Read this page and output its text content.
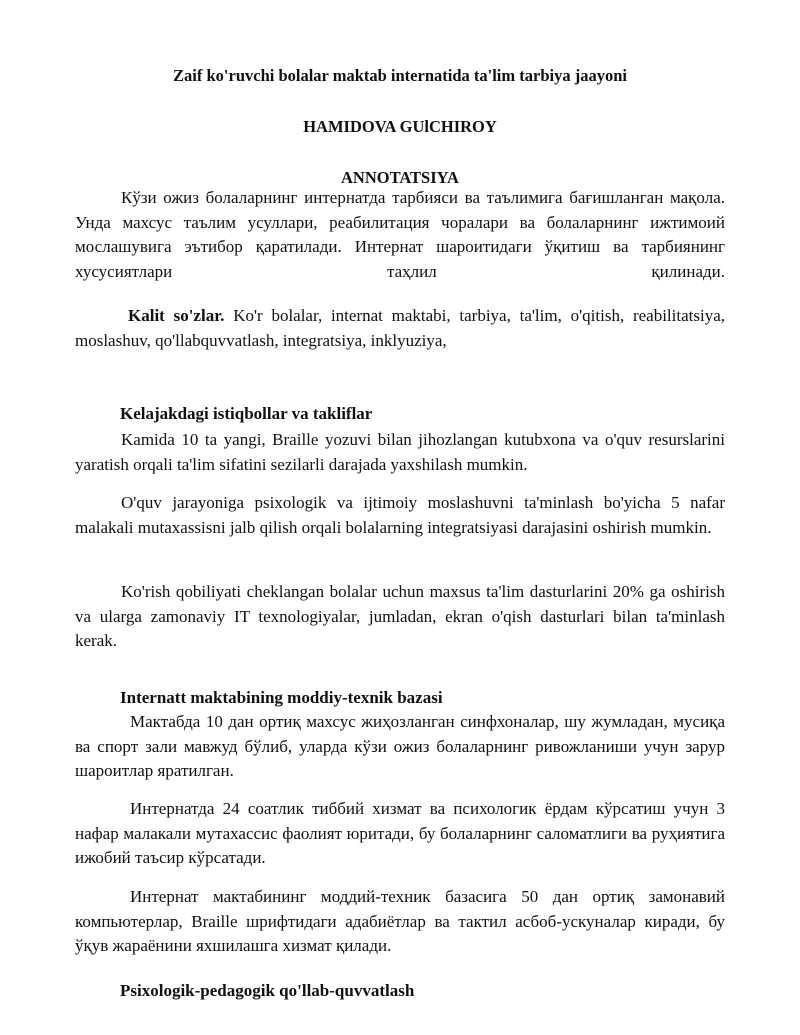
Zaif ko'ruvchi bolalar maktab internatida ta'lim tarbiya jaayoni

HAMIDOVA GUlCHIROY

ANNOTATSIYA

Кўзи ожиз болаларнинг интернатда тарбияси ва таълимига бағишланган мақола. Унда махсус таълим усуллари, реабилитация чоралари ва болаларнинг ижтимоий мослашувига эътибор қаратилади. Интернат шароитидаги ўқитиш ва тарбиянинг хусусиятлари таҳлил қилинади.

Kalit so'zlar. Ko'r bolalar, internat maktabi, tarbiya, ta'lim, o'qitish, reabilitatsiya, moslashuv, qo'llabquvvatlash, integratsiya, inklyuziya,

Kelajakdagi istiqbollar va takliflar

Kamida 10 ta yangi, Braille yozuvi bilan jihozlangan kutubxona va o'quv resurslarini yaratish orqali ta'lim sifatini sezilarli darajada yaxshilash mumkin.

O'quv jarayoniga psixologik va ijtimoiy moslashuvni ta'minlash bo'yicha 5 nafar malakali mutaxassisni jalb qilish orqali bolalarning integratsiyasi darajasini oshirish mumkin.

Ko'rish qobiliyati cheklangan bolalar uchun maxsus ta'lim dasturlarini 20% ga oshirish va ularga zamonaviy IT texnologiyalar, jumladan, ekran o'qish dasturlari bilan ta'minlash kerak.

Internatt maktabining moddiy-texnik bazasi

Мактабда 10 дан ортиқ махсус жиҳозланган синфхоналар, шу жумладан, мусиқа ва спорт зали мавжуд бўлиб, уларда кўзи ожиз болаларнинг ривожланиши учун зарур шароитлар яратилган.

Интернатда 24 соатлик тиббий хизмат ва психологик ёрдам кўрсатиш учун 3 нафар малакали мутахассис фаолият юритади, бу болаларнинг саломатлиги ва руҳиятига ижобий таъсир кўрсатади.

Интернат мактабининг моддий-техник базасига 50 дан ортиқ замонавий компьютерлар, Braille шрифтидаги адабиётлар ва тактил асбоб-ускуналар киради, бу ўқув жараёнини яхшилашга хизмат қилади.

Psixologik-pedagogik qo'llab-quvvatlash
